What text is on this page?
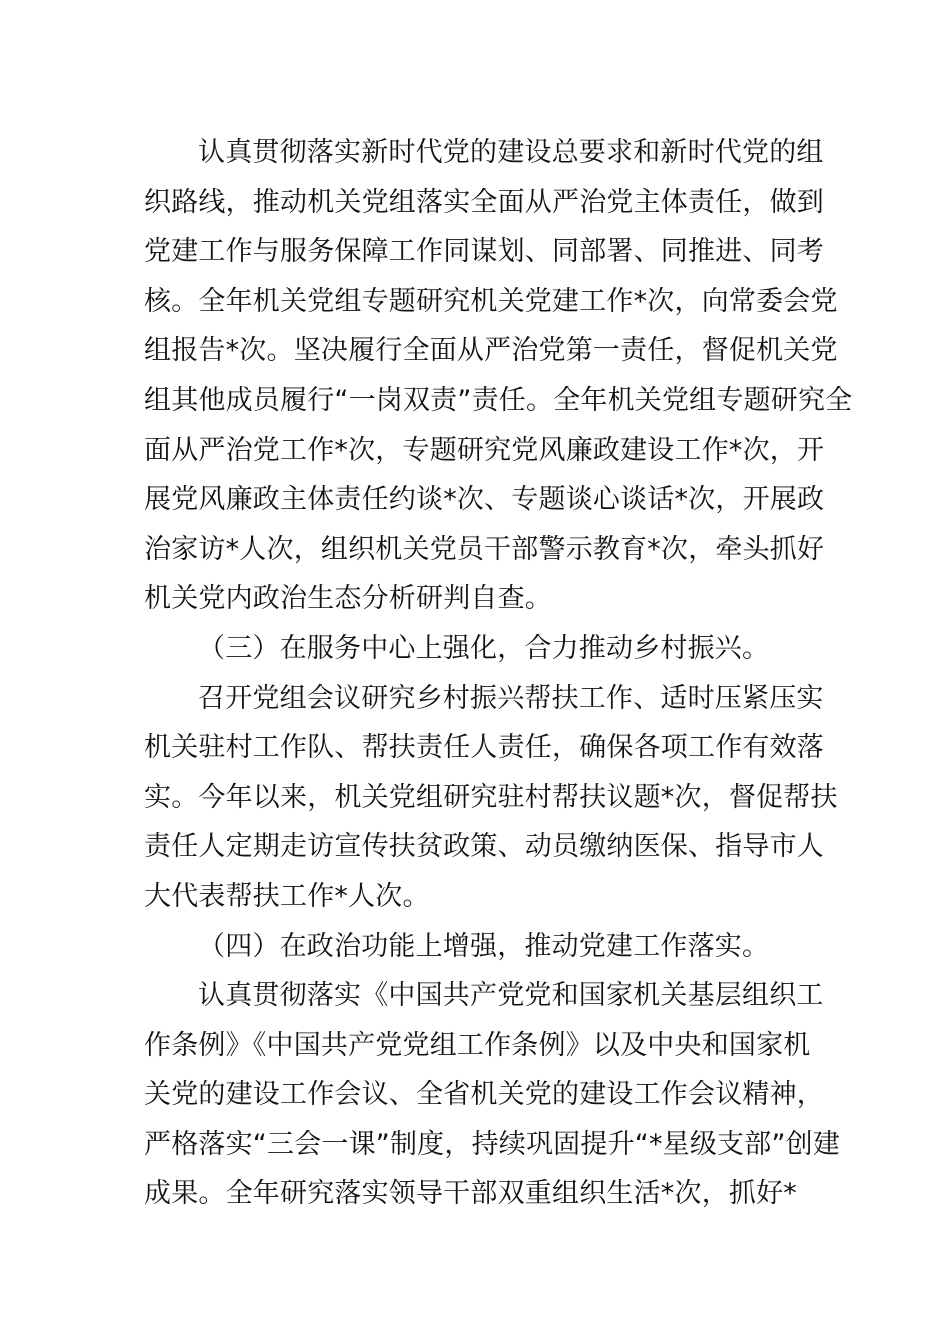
认真贯彻落实新时代党的建设总要求和新时代党的组
织路线，推动机关党组落实全面从严治党主体责任，做到
党建工作与服务保障工作同谋划、同部署、同推进、同考
核。全年机关党组专题研究机关党建工作*次，向常委会党
组报告*次。坚决履行全面从严治党第一责任，督促机关党
组其他成员履行“一岗双责”责任。全年机关党组专题研究全
面从严治党工作*次，专题研究党风廉政建设工作*次，开
展党风廉政主体责任约谈*次、专题谈心谈话*次，开展政
治家访*人次，组织机关党员干部警示教育*次，牵头抓好
机关党内政治生态分析研判自查。
（三）在服务中心上强化，合力推动乡村振兴。
召开党组会议研究乡村振兴帮扶工作、适时压紧压实
机关驻村工作队、帮扶责任人责任，确保各项工作有效落
实。今年以来，机关党组研究驻村帮扶议题*次，督促帮扶
责任人定期走访宣传扶贫政策、动员缴纳医保、指导市人
大代表帮扶工作*人次。
（四）在政治功能上增强，推动党建工作落实。
认真贯彻落实《中国共产党党和国家机关基层组织工
作条例》《中国共产党党组工作条例》以及中央和国家机
关党的建设工作会议、全省机关党的建设工作会议精神，
严格落实“三会一课”制度，持续巩固提升“*星级支部”创建
成果。全年研究落实领导干部双重组织生活*次，抓好*
